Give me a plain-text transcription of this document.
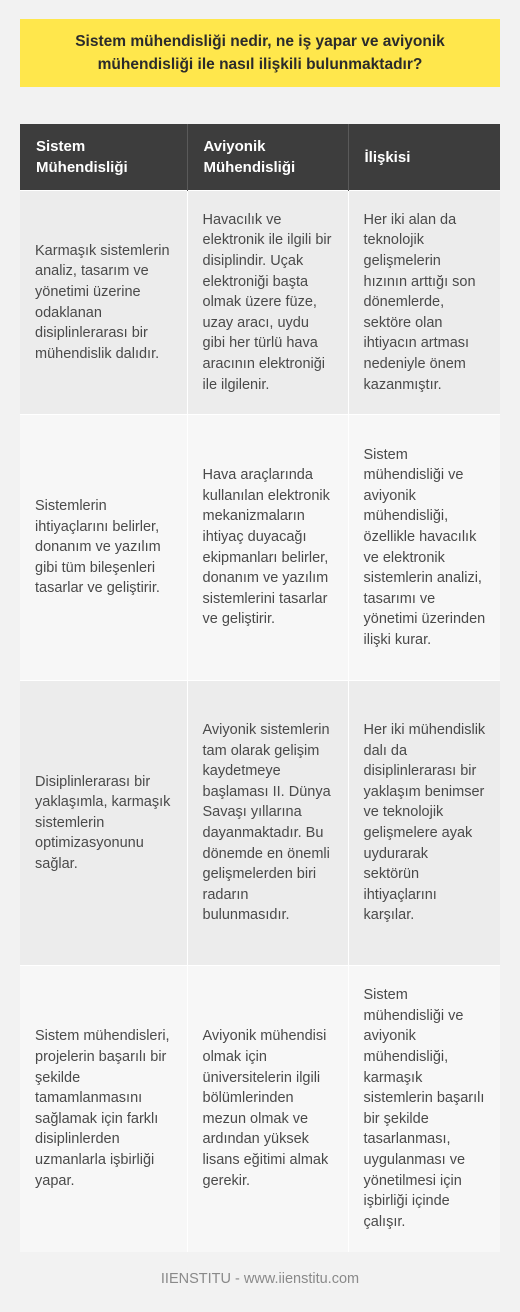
Sistem mühendisliği nedir, ne iş yapar ve aviyonik mühendisliği ile nasıl ilişkili bulunmaktadır?
Sistem Mühendisliği	Aviyonik Mühendisliği	İlişkisi
Karmaşık sistemlerin analiz, tasarım ve yönetimi üzerine odaklanan disiplinlerarası bir mühendislik dalıdır.	Havacılık ve elektronik ile ilgili bir disiplindir. Uçak elektroniği başta olmak üzere füze, uzay aracı, uydu gibi her türlü hava aracının elektroniği ile ilgilenir.	Her iki alan da teknolojik gelişmelerin hızının arttığı son dönemlerde, sektöre olan ihtiyacın artması nedeniyle önem kazanmıştır.
Sistemlerin ihtiyaçlarını belirler, donanım ve yazılım gibi tüm bileşenleri tasarlar ve geliştirir.	Hava araçlarında kullanılan elektronik mekanizmaların ihtiyaç duyacağı ekipmanları belirler, donanım ve yazılım sistemlerini tasarlar ve geliştirir.	Sistem mühendisliği ve aviyonik mühendisliği, özellikle havacılık ve elektronik sistemlerin analizi, tasarımı ve yönetimi üzerinden ilişki kurar.
Disiplinlerarası bir yaklaşımla, karmaşık sistemlerin optimizasyonunu sağlar.	Aviyonik sistemlerin tam olarak gelişim kaydetmeye başlaması II. Dünya Savaşı yıllarına dayanmaktadır. Bu dönemde en önemli gelişmelerden biri radarın bulunmasıdır.	Her iki mühendislik dalı da disiplinlerarası bir yaklaşım benimser ve teknolojik gelişmelere ayak uydurarak sektörün ihtiyaçlarını karşılar.
Sistem mühendisleri, projelerin başarılı bir şekilde tamamlanmasını sağlamak için farklı disiplinlerden uzmanlarla işbirliği yapar.	Aviyonik mühendisi olmak için üniversitelerin ilgili bölümlerinden mezun olmak ve ardından yüksek lisans eğitimi almak gerekir.	Sistem mühendisliği ve aviyonik mühendisliği, karmaşık sistemlerin başarılı bir şekilde tasarlanması, uygulanması ve yönetilmesi için işbirliği içinde çalışır.
IIENSTITU - www.iienstitu.com
